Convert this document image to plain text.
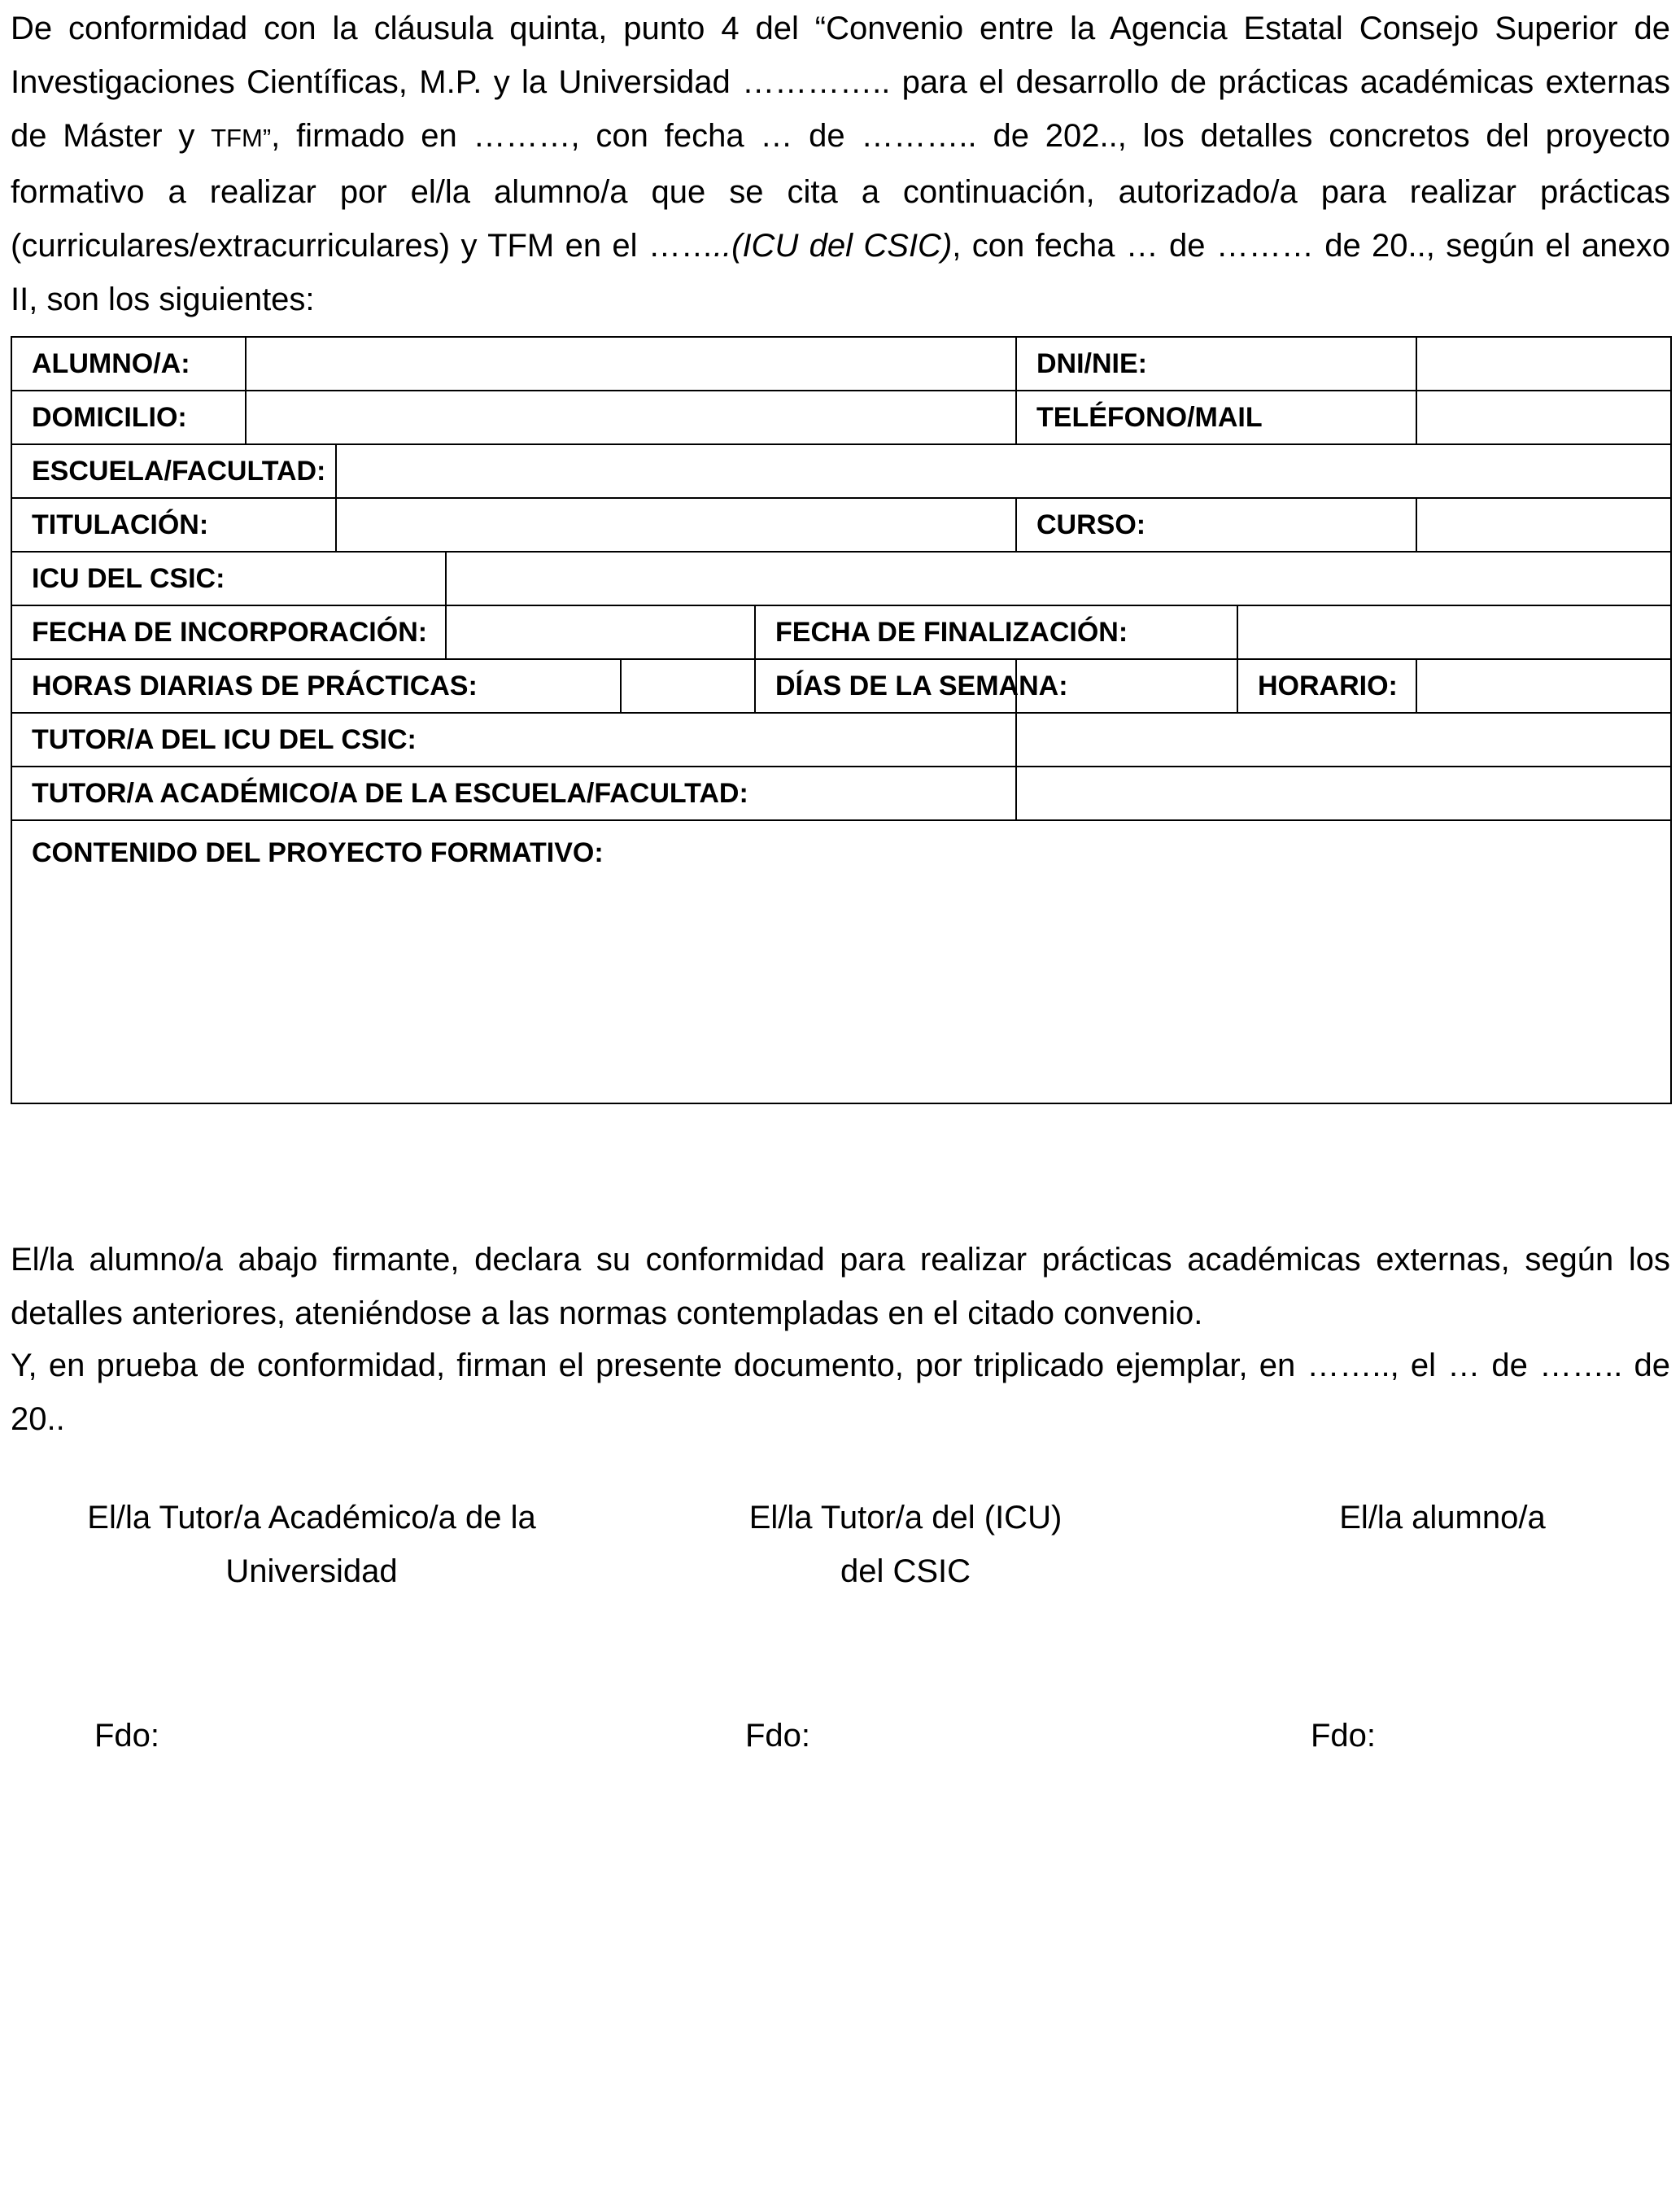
De conformidad con la cláusula quinta, punto 4 del “Convenio entre la Agencia Estatal Consejo Superior de Investigaciones Científicas, M.P. y la Universidad ………….. para el desarrollo de prácticas académicas externas de Máster y TFM”, firmado en ………, con fecha … de ……….. de 202.., los detalles concretos del proyecto formativo a realizar por el/la alumno/a que se cita a continuación, autorizado/a para realizar prácticas (curriculares/extracurriculares) y TFM en el ……..(ICU del CSIC), con fecha … de ……… de 20.., según el anexo II, son los siguientes:

ALUMNO/A:						DNI/NIE:		
DOMICILIO:						TELÉFONO/MAIL		
ESCUELA/FACULTAD:								
TITULACIÓN:						CURSO:		
ICU DEL CSIC:								
FECHA DE INCORPORACIÓN:					FECHA DE FINALIZACIÓN:			
HORAS DIARIAS DE PRÁCTICAS:					DÍAS DE LA SEMANA:		HORARIO:	
TUTOR/A DEL ICU DEL CSIC:								
TUTOR/A ACADÉMICO/A DE LA ESCUELA/FACULTAD:								
CONTENIDO DEL PROYECTO FORMATIVO:								

El/la alumno/a abajo firmante, declara su conformidad para realizar prácticas académicas externas, según los detalles anteriores, ateniéndose a las normas contempladas en el citado convenio.

Y, en prueba de conformidad, firman el presente documento, por triplicado ejemplar, en …….., el … de …….. de 20..

El/la Tutor/a Académico/a de la
Universidad
El/la Tutor/a del (ICU)
del CSIC
El/la alumno/a
Fdo:	Fdo:	Fdo:
